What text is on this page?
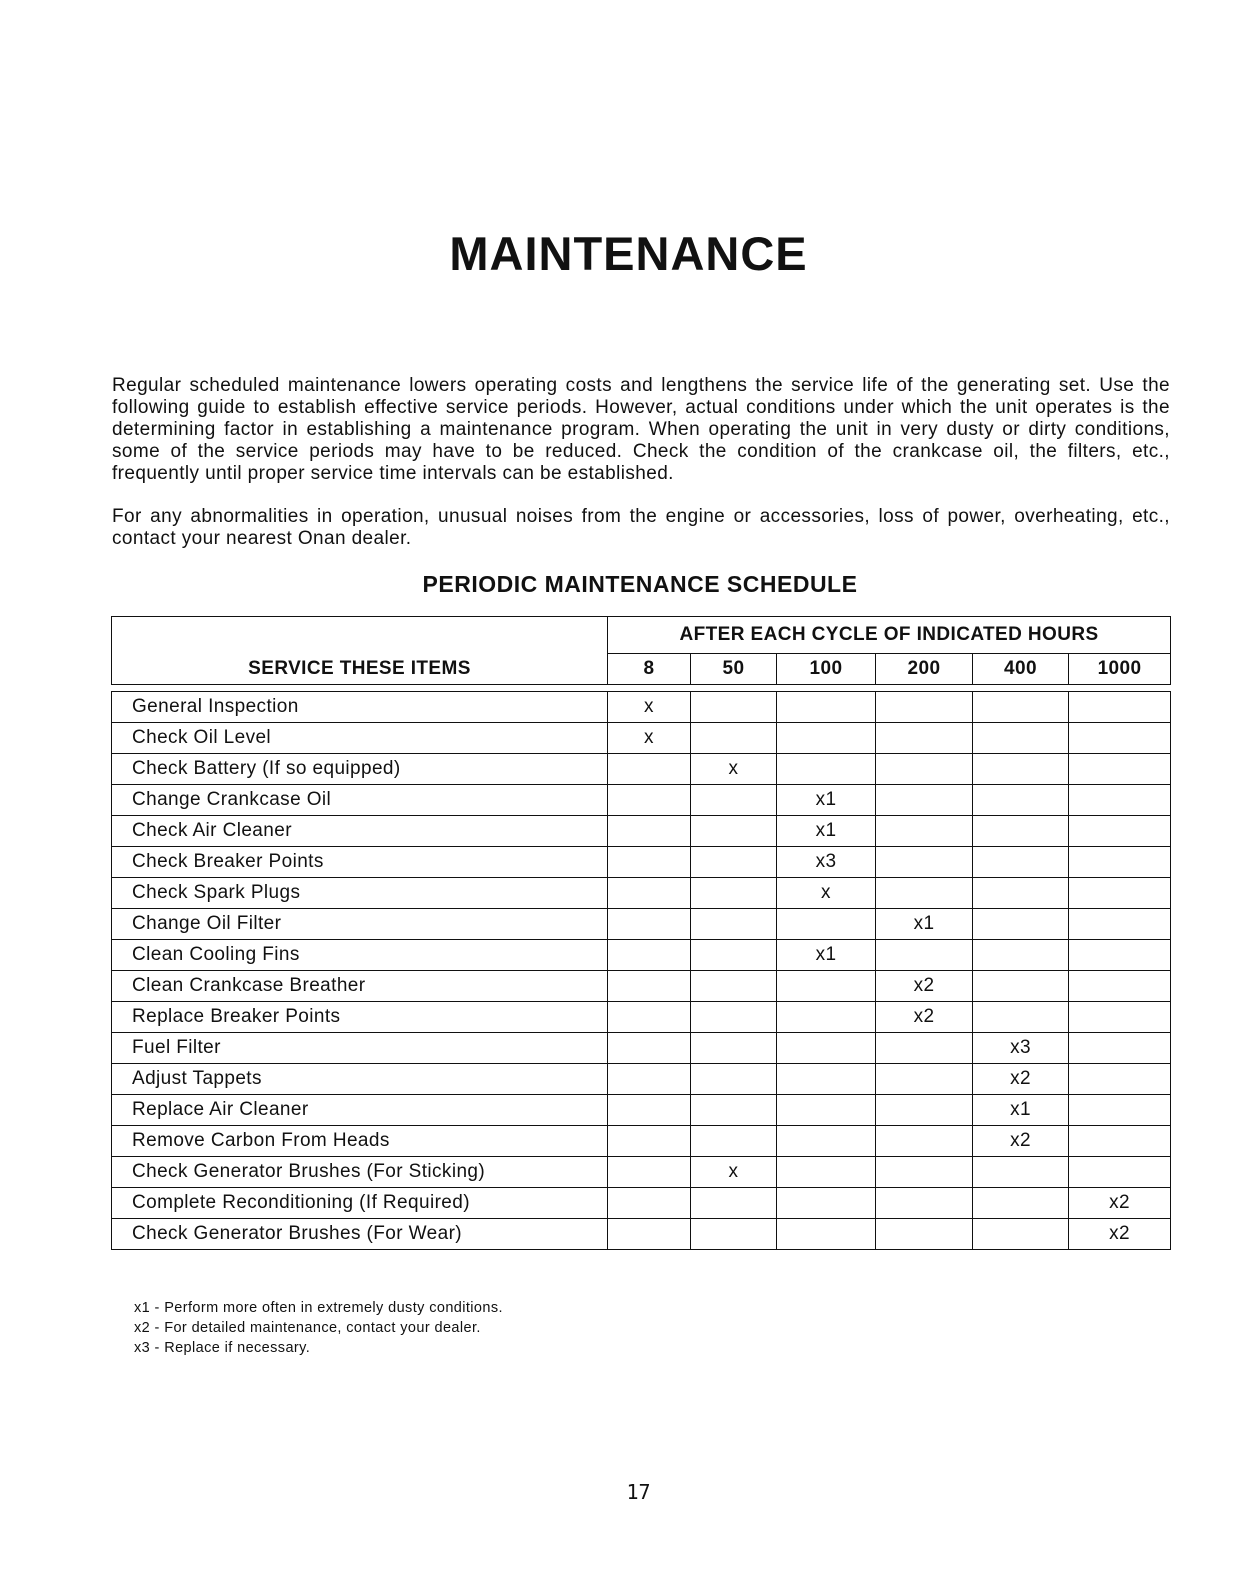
MAINTENANCE

Regular scheduled maintenance lowers operating costs and lengthens the service life of the generating set. Use the following guide to establish effective service periods. However, actual conditions under which the unit operates is the determining factor in establishing a maintenance program. When operating the unit in very dusty or dirty conditions, some of the service periods may have to be reduced. Check the condition of the crankcase oil, the filters, etc., frequently until proper service time intervals can be established.

For any abnormalities in operation, unusual noises from the engine or accessories, loss of power, overheating, etc., contact your nearest Onan dealer.

PERIODIC MAINTENANCE SCHEDULE
SERVICE THESE ITEMS	AFTER EACH CYCLE OF INDICATED HOURS					
	8	50	100	200	400	1000

General Inspection	x					
Check Oil Level	x					
Check Battery (If so equipped)		x				
Change Crankcase Oil			x1			
Check Air Cleaner			x1			
Check Breaker Points			x3			
Check Spark Plugs			x			
Change Oil Filter				x1		
Clean Cooling Fins			x1			
Clean Crankcase Breather				x2		
Replace Breaker Points				x2		
Fuel Filter					x3	
Adjust Tappets					x2	
Replace Air Cleaner					x1	
Remove Carbon From Heads					x2	
Check Generator Brushes (For Sticking)		x				
Complete Reconditioning (If Required)						x2
Check Generator Brushes (For Wear)						x2
x1 - Perform more often in extremely dusty conditions.
x2 - For detailed maintenance, contact your dealer.
x3 - Replace if necessary.
17
